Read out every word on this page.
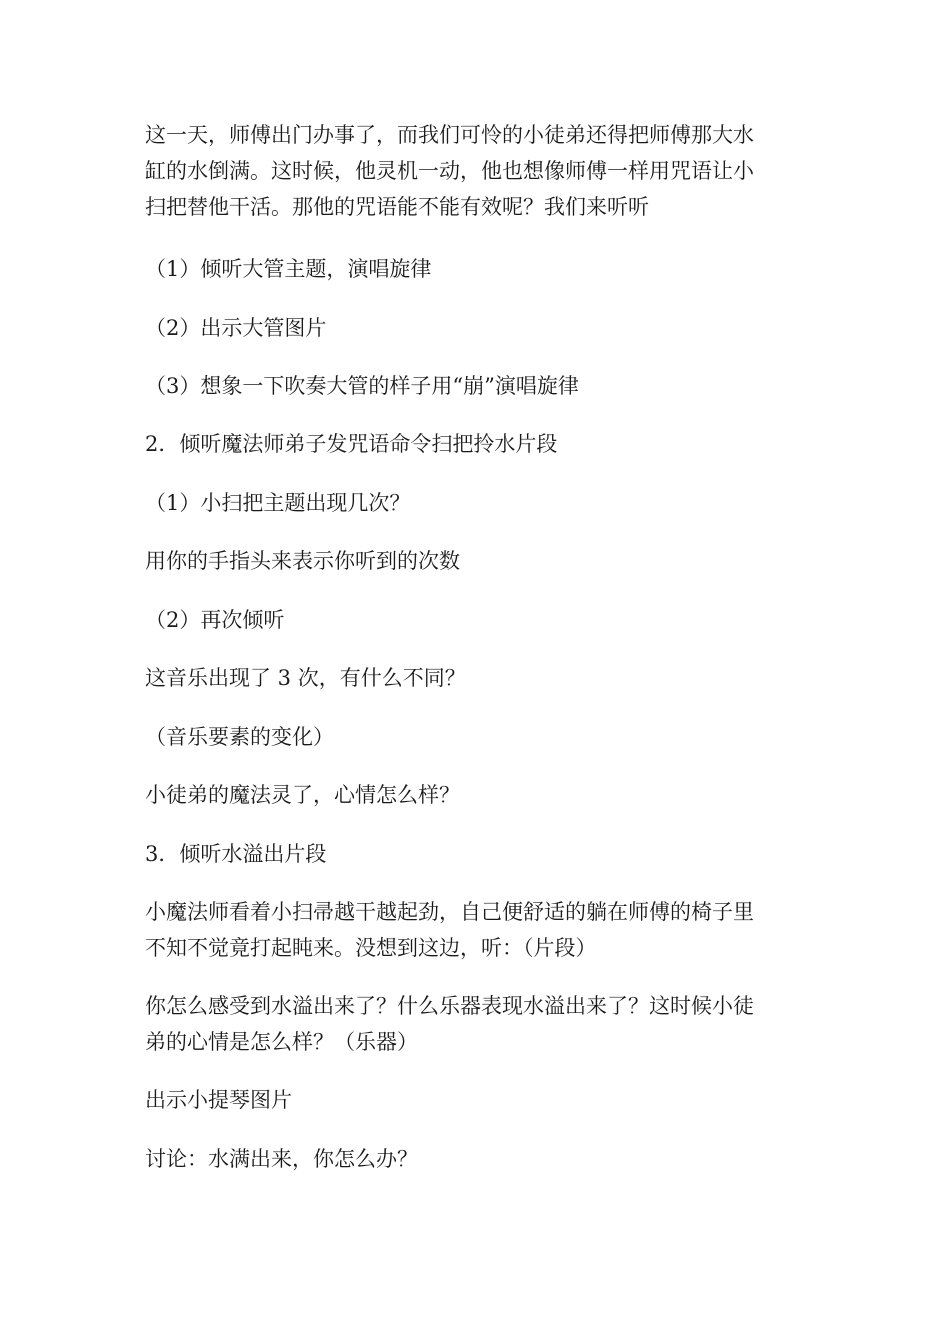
这一天，师傅出门办事了，而我们可怜的小徒弟还得把师傅那大水
缸的水倒满。这时候，他灵机一动，他也想像师傅一样用咒语让小
扫把替他干活。那他的咒语能不能有效呢？我们来听听
（1）倾听大管主题，演唱旋律
（2）出示大管图片
（3）想象一下吹奏大管的样子用“崩”演唱旋律
2．倾听魔法师弟子发咒语命令扫把拎水片段
（1）小扫把主题出现几次？
用你的手指头来表示你听到的次数
（2）再次倾听
这音乐出现了 3 次，有什么不同？
（音乐要素的变化）
小徒弟的魔法灵了，心情怎么样？
3．倾听水溢出片段
小魔法师看着小扫帚越干越起劲，自己便舒适的躺在师傅的椅子里
不知不觉竟打起盹来。没想到这边，听：（片段）
你怎么感受到水溢出来了？什么乐器表现水溢出来了？这时候小徒
弟的心情是怎么样？（乐器）
出示小提琴图片
讨论：水满出来，你怎么办？
